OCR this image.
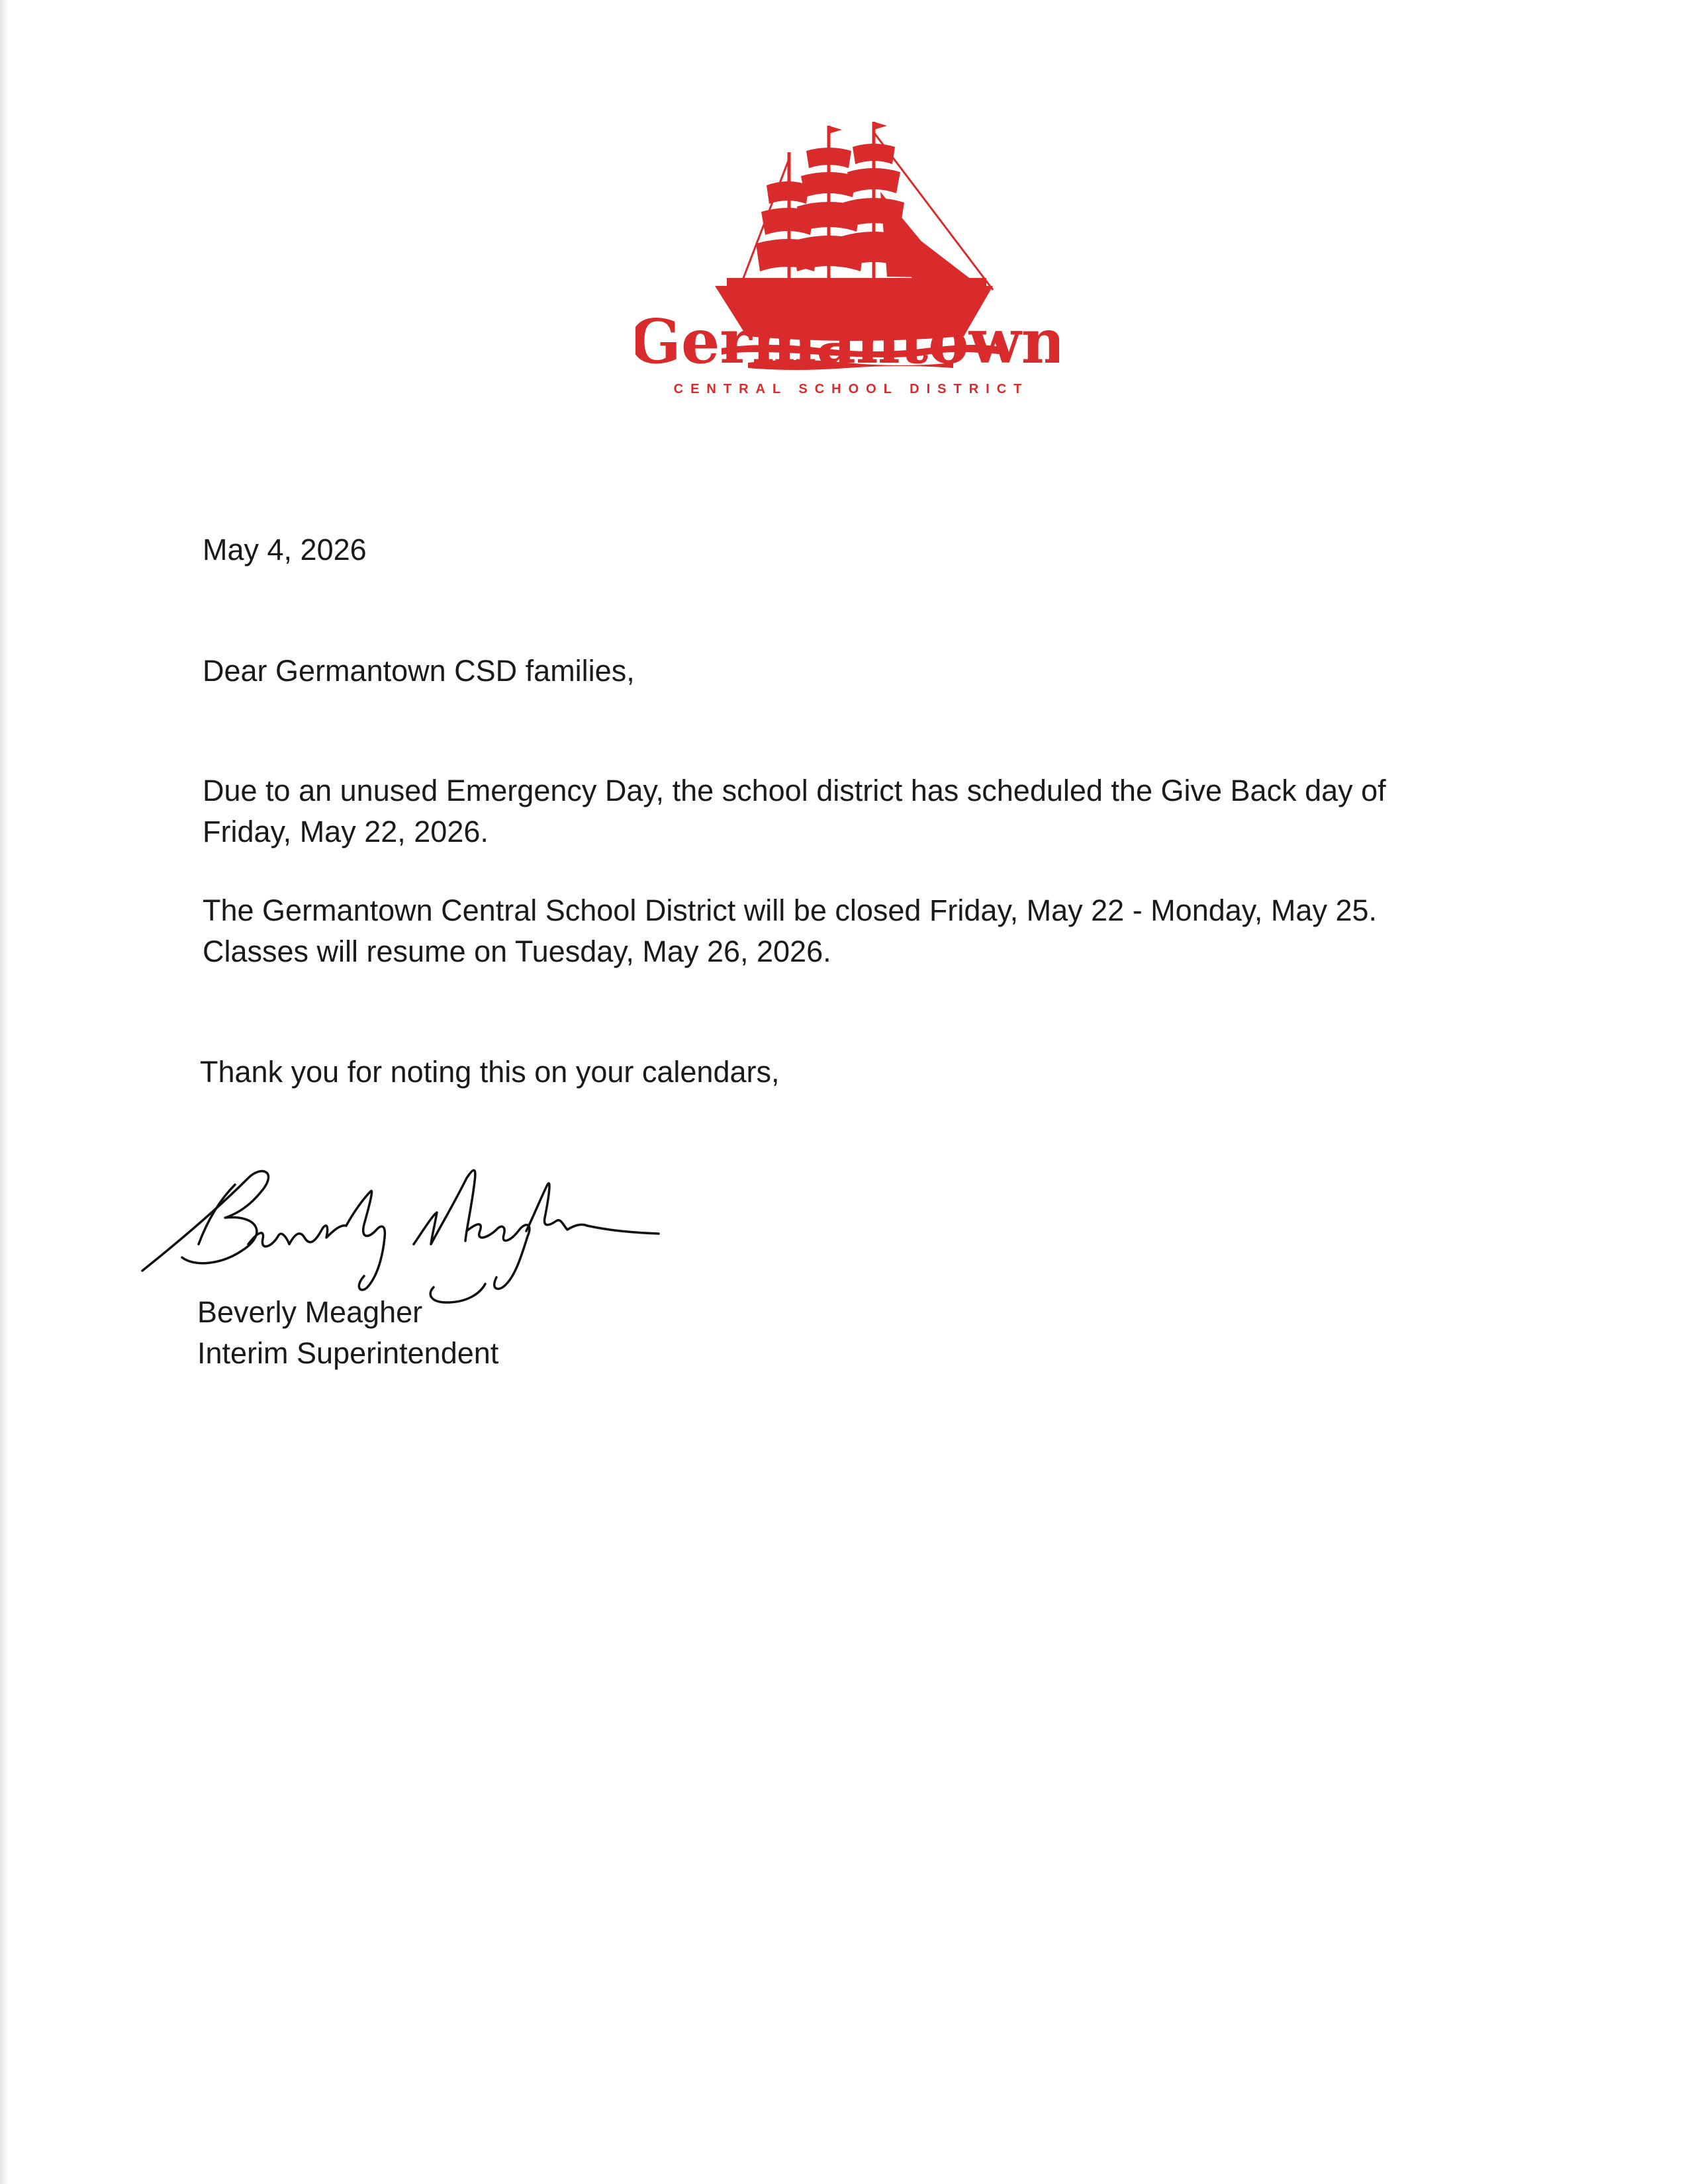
Germantown
CENTRAL SCHOOL DISTRICT
May 4, 2026
Dear Germantown CSD families,
Due to an unused Emergency Day, the school district has scheduled the Give Back day of
Friday, May 22, 2026.
The Germantown Central School District will be closed Friday, May 22 - Monday, May 25.
Classes will resume on Tuesday, May 26, 2026.
Thank you for noting this on your calendars,
Beverly Meagher
Interim Superintendent
